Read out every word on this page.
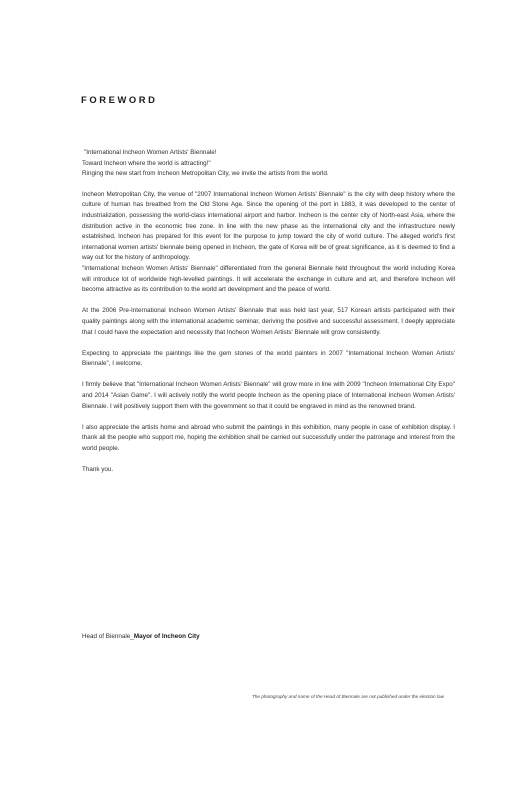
FOREWORD
"International Incheon Women Artists' Biennale!
Toward Incheon where the world is attracting!"
Ringing the new start from Incheon Metropolitan City, we invite the artists from the world.
Incheon Metropolitan City, the venue of "2007 International Incheon Women Artists' Biennale" is the city with deep history where the culture of human has breathed from the Old Stone Age. Since the opening of the port in 1883, it was developed to the center of industrialization, possessing the world-class international airport and harbor. Incheon is the center city of North-east Asia, where the distribution active in the economic free zone. In line with the new phase as the international city and the infrastructure newly established, Incheon has prepared for this event for the purpose to jump toward the city of world culture. The alleged world's first international women artists' biennale being opened in Incheon, the gate of Korea will be of great significance, as it is deemed to find a way out for the history of anthropology.
"International Incheon Women Artists' Biennale" differentiated from the general Biennale held throughout the world including Korea will introduce lot of worldwide high-levelled paintings. It will accelerate the exchange in culture and art, and therefore Incheon will become attractive as its contribution to the world art development and the peace of world.
At the 2006 Pre-International Incheon Women Artists' Biennale that was held last year, 517 Korean artists participated with their quality paintings along with the international academic seminar, deriving the positive and successful assessment. I deeply appreciate that I could have the expectation and necessity that Incheon Women Artists' Biennale will grow consistently.
Expecting to appreciate the paintings like the gem stones of the world painters in 2007 "International Incheon Women Artists' Biennale", I welcome.
I firmly believe that "International Incheon Women Artists' Biennale" will grow more in line with 2009 "Incheon International City Expo" and 2014 "Asian Game". I will actively notify the world people Incheon as the opening place of International Incheon Women Artists' Biennale. I will positively support them with the government so that it could be engraved in mind as the renowned brand.
I also appreciate the artists home and abroad who submit the paintings in this exhibition, many people in case of exhibition display. I thank all the people who support me, hoping the exhibition shall be carried out successfully under the patronage and interest from the world people.
Thank you.
Head of Biennale_Mayor of Incheon City
The photography and name of the Head of Biennale are not published under the election law
